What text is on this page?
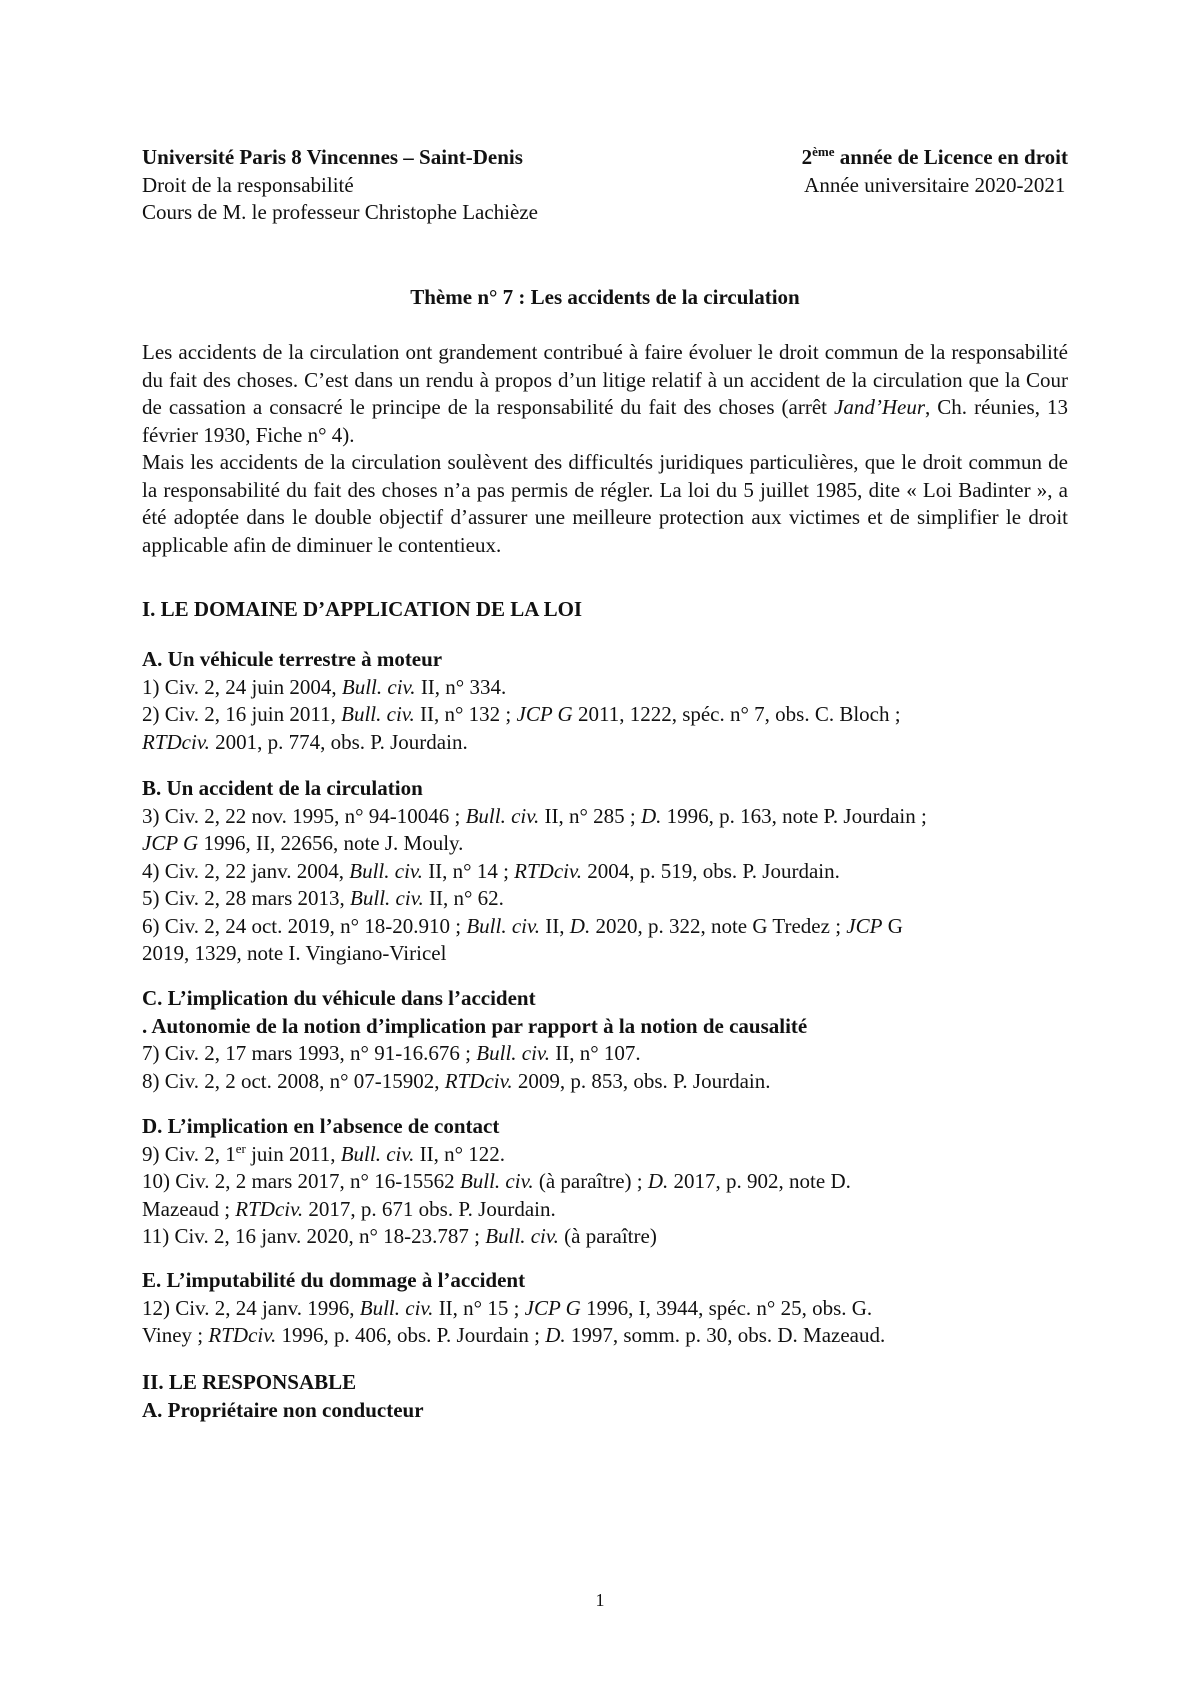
Université Paris 8 Vincennes – Saint-Denis
Droit de la responsabilité
Cours de M. le professeur Christophe Lachièze
2ème année de Licence en droit
Année universitaire 2020-2021
Thème n° 7 : Les accidents de la circulation

Les accidents de la circulation ont grandement contribué à faire évoluer le droit commun de la responsabilité du fait des choses. C’est dans un rendu à propos d’un litige relatif à un accident de la circulation que la Cour de cassation a consacré le principe de la responsabilité du fait des choses (arrêt Jand’Heur, Ch. réunies, 13 février 1930, Fiche n° 4).

Mais les accidents de la circulation soulèvent des difficultés juridiques particulières, que le droit commun de la responsabilité du fait des choses n’a pas permis de régler. La loi du 5 juillet 1985, dite « Loi Badinter », a été adoptée dans le double objectif d’assurer une meilleure protection aux victimes et de simplifier le droit applicable afin de diminuer le contentieux.

I. LE DOMAINE D’APPLICATION DE LA LOI
A. Un véhicule terrestre à moteur
1) Civ. 2, 24 juin 2004, Bull. civ. II, n° 334.
2) Civ. 2, 16 juin 2011, Bull. civ. II, n° 132 ; JCP G 2011, 1222, spéc. n° 7, obs. C. Bloch ;
RTDciv. 2001, p. 774, obs. P. Jourdain.
B. Un accident de la circulation
3) Civ. 2, 22 nov. 1995, n° 94-10046 ; Bull. civ. II, n° 285 ; D. 1996, p. 163, note P. Jourdain ;
JCP G 1996, II, 22656, note J. Mouly.
4) Civ. 2, 22 janv. 2004, Bull. civ. II, n° 14 ; RTDciv. 2004, p. 519, obs. P. Jourdain.
5) Civ. 2, 28 mars 2013, Bull. civ. II, n° 62.
6) Civ. 2, 24 oct. 2019, n° 18-20.910 ; Bull. civ. II, D. 2020, p. 322, note G Tredez ; JCP G
2019, 1329, note I. Vingiano-Viricel
C. L’implication du véhicule dans l’accident
. Autonomie de la notion d’implication par rapport à la notion de causalité
7) Civ. 2, 17 mars 1993, n° 91-16.676 ; Bull. civ. II, n° 107.
8) Civ. 2, 2 oct. 2008, n° 07-15902, RTDciv. 2009, p. 853, obs. P. Jourdain.
D. L’implication en l’absence de contact
9) Civ. 2, 1er juin 2011, Bull. civ. II, n° 122.
10) Civ. 2, 2 mars 2017, n° 16-15562 Bull. civ. (à paraître) ; D. 2017, p. 902, note D.
Mazeaud ; RTDciv. 2017, p. 671 obs. P. Jourdain.
11) Civ. 2, 16 janv. 2020, n° 18-23.787 ; Bull. civ. (à paraître)
E. L’imputabilité du dommage à l’accident
12) Civ. 2, 24 janv. 1996, Bull. civ. II, n° 15 ; JCP G 1996, I, 3944, spéc. n° 25, obs. G.
Viney ; RTDciv. 1996, p. 406, obs. P. Jourdain ; D. 1997, somm. p. 30, obs. D. Mazeaud.
II. LE RESPONSABLE
A. Propriétaire non conducteur
1
